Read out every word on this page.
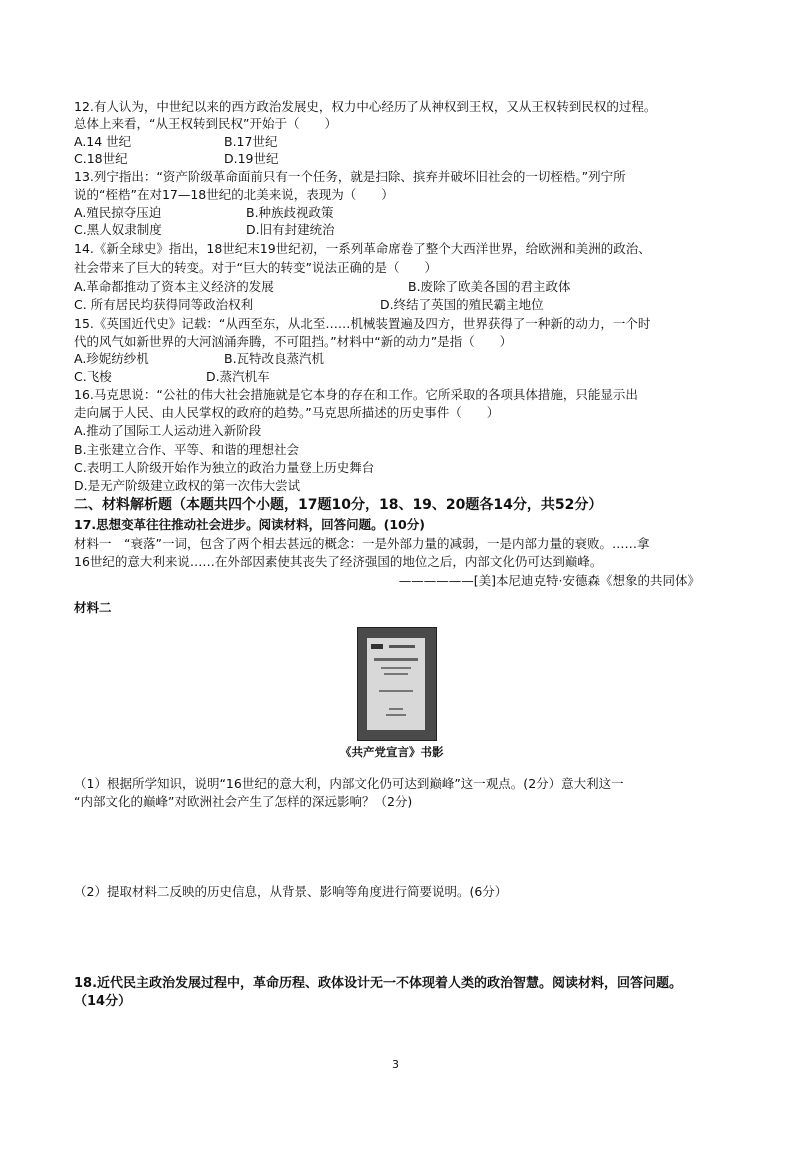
12.有人认为，中世纪以来的西方政治发展史，权力中心经历了从神权到王权，又从王权转到民权的过程。
总体上来看，“从王权转到民权”开始于（　　）
A.14 世纪	B.17世纪
C.18世纪	D.19世纪
13.列宁指出：“资产阶级革命面前只有一个任务，就是扫除、摈弃并破坏旧社会的一切桎梏。”列宁所
说的“桎梏”在对17—18世纪的北美来说，表现为（　　）
A.殖民掠夺压迫	B.种族歧视政策
C.黑人奴隶制度	D.旧有封建统治
14.《新全球史》指出，18世纪末19世纪初，一系列革命席卷了整个大西洋世界，给欧洲和美洲的政治、
社会带来了巨大的转变。对于“巨大的转变”说法正确的是（　　）
A.革命都推动了资本主义经济的发展	B.废除了欧美各国的君主政体
C. 所有居民均获得同等政治权利	D.终结了英国的殖民霸主地位
15.《英国近代史》记载：“从西至东，从北至……机械装置遍及四方，世界获得了一种新的动力，一个时
代的风气如新世界的大河汹涌奔腾，不可阻挡。”材料中“新的动力”是指（　　）
A.珍妮纺纱机	B.瓦特改良蒸汽机
C.飞梭	D.蒸汽机车
16.马克思说：“公社的伟大社会措施就是它本身的存在和工作。它所采取的各项具体措施，只能显示出
走向属于人民、由人民掌权的政府的趋势。”马克思所描述的历史事件（　　）
A.推动了国际工人运动进入新阶段
B.主张建立合作、平等、和谐的理想社会
C.表明工人阶级开始作为独立的政治力量登上历史舞台
D.是无产阶级建立政权的第一次伟大尝试
二、材料解析题（本题共四个小题，17题10分，18、19、20题各14分，共52分）
17.思想变革往往推动社会进步。阅读材料，回答问题。(10分)
材料一　“衰落”一词，包含了两个相去甚远的概念：一是外部力量的减弱，一是内部力量的衰败。……拿
16世纪的意大利来说……在外部因素使其丧失了经济强国的地位之后，内部文化仍可达到巅峰。
——————[美]本尼迪克特·安德森《想象的共同体》
材料二
《共产党宣言》书影
（1）根据所学知识，说明“16世纪的意大利，内部文化仍可达到巅峰”这一观点。(2分）意大利这一
“内部文化的巅峰”对欧洲社会产生了怎样的深远影响？（2分)
（2）提取材料二反映的历史信息，从背景、影响等角度进行简要说明。(6分）
18.近代民主政治发展过程中，革命历程、政体设计无一不体现着人类的政治智慧。阅读材料，回答问题。
（14分）
3
